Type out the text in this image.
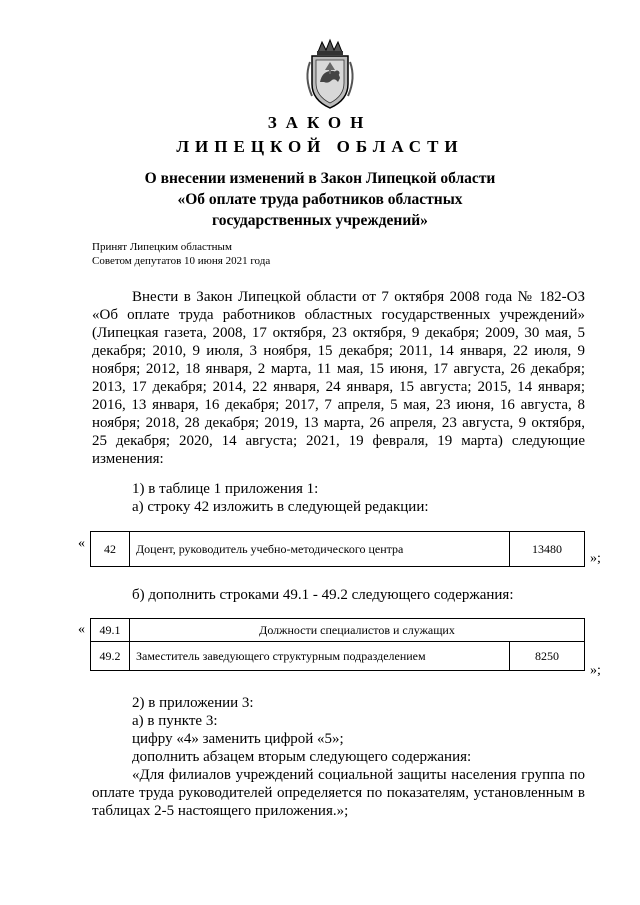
ЗАКОН
ЛИПЕЦКОЙ ОБЛАСТИ
О внесении изменений в Закон Липецкой области
«Об оплате труда работников областных
государственных учреждений»
Принят Липецким областным
Советом депутатов 10 июня 2021 года

Внести в Закон Липецкой области от 7 октября 2008 года № 182-ОЗ «Об оплате труда работников областных государственных учреждений» (Липецкая газета, 2008, 17 октября, 23 октября, 9 декабря; 2009, 30 мая, 5 декабря; 2010, 9 июля, 3 ноября, 15 декабря; 2011, 14 января, 22 июля, 9 ноября; 2012, 18 января, 2 марта, 11 мая, 15 июня, 17 августа, 26 декабря; 2013, 17 декабря; 2014, 22 января, 24 января, 15 августа; 2015, 14 января; 2016, 13 января, 16 декабря; 2017, 7 апреля, 5 мая, 23 июня, 16 августа, 8 ноября; 2018, 28 декабря; 2019, 13 марта, 26 апреля, 23 августа, 9 октября, 25 декабря; 2020, 14 августа; 2021, 19 февраля, 19 марта) следующие изменения:

1) в таблице 1 приложения 1:
а) строку 42 изложить в следующей редакции:
« 42	Доцент, руководитель учебно-методического центра	13480
»;
б) дополнить строками 49.1 - 49.2 следующего содержания:
« 49.1	Должности специалистов и служащих	
49.2	Заместитель заведующего структурным подразделением	8250
»;
2) в приложении 3:
а) в пункте 3:
цифру «4» заменить цифрой «5»;
дополнить абзацем вторым следующего содержания:

«Для филиалов учреждений социальной защиты населения группа по оплате труда руководителей определяется по показателям, установленным в таблицах 2-5 настоящего приложения.»;
